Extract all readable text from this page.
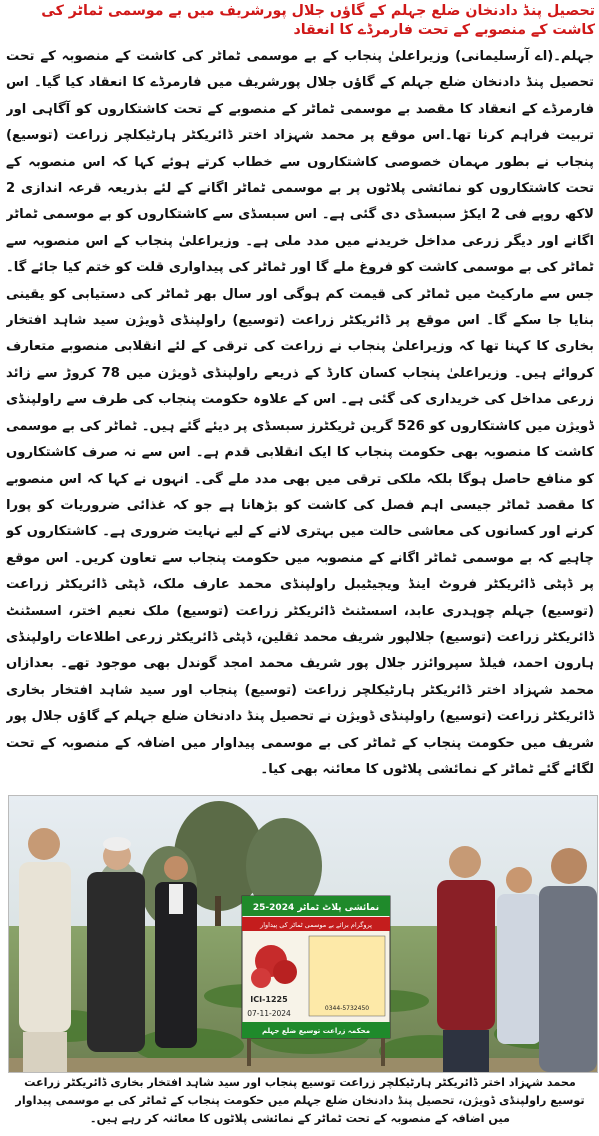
تحصیل پنڈ دادنخان ضلع جہلم کے گاؤں جلال پورشریف میں بے موسمی ٹماٹر کی کاشت کے منصوبے کے تحت فارمرڈے کا انعقاد
جہلم۔(اے آرسلیمانی) وزیراعلیٰ پنجاب کے بے موسمی ٹماٹر کی کاشت کے منصوبہ کے تحت تحصیل پنڈ دادنخان ضلع جہلم کے گاؤں جلال پورشریف میں فارمرڈے کا انعقاد کیا گیا۔ اس فارمرڈے کے انعقاد کا مقصد بے موسمی ٹماٹر کے منصوبے کے تحت کاشتکاروں کو آگاہی اور تربیت فراہم کرنا تھا۔اس موقع پر محمد شہزاد اختر ڈائریکٹر ہارٹیکلچر زراعت (توسیع) پنجاب نے بطور مہمان خصوصی کاشتکاروں سے خطاب کرتے ہوئے کہا کہ اس منصوبہ کے تحت کاشتکاروں کو نمائشی پلاٹوں پر بے موسمی ٹماٹر اگانے کے لئے بذریعہ قرعہ اندازی 2 لاکھ روپے فی 2 ایکڑ سبسڈی دی گئی ہے۔ اس سبسڈی سے کاشتکاروں کو بے موسمی ٹماٹر اگانے اور دیگر زرعی مداخل خریدنے میں مدد ملی ہے۔ وزیراعلیٰ پنجاب کے اس منصوبہ سے ٹماٹر کی بے موسمی کاشت کو فروغ ملے گا اور ٹماٹر کی پیداواری قلت کو ختم کیا جائے گا۔ جس سے مارکیٹ میں ٹماٹر کی قیمت کم ہوگی اور سال بھر ٹماٹر کی دستیابی کو یقینی بنایا جا سکے گا۔ اس موقع پر ڈائریکٹر زراعت (توسیع) راولپنڈی ڈویژن سید شاہد افتخار بخاری کا کہنا تھا کہ وزیراعلیٰ پنجاب نے زراعت کی ترقی کے لئے انقلابی منصوبے متعارف کروائے ہیں۔ وزیراعلیٰ پنجاب کسان کارڈ کے ذریعے راولپنڈی ڈویژن میں 78 کروڑ سے زائد زرعی مداخل کی خریداری کی گئی ہے۔ اس کے علاوہ حکومت پنجاب کی طرف سے راولپنڈی ڈویژن میں کاشتکاروں کو 526 گرین ٹریکٹرز سبسڈی پر دیئے گئے ہیں۔ ٹماٹر کی بے موسمی کاشت کا منصوبہ بھی حکومت پنجاب کا ایک انقلابی قدم ہے۔ اس سے نہ صرف کاشتکاروں کو منافع حاصل ہوگا بلکہ ملکی ترقی میں بھی مدد ملے گی۔ انہوں نے کہا کہ اس منصوبے کا مقصد ٹماٹر جیسی اہم فصل کی کاشت کو بڑھانا ہے جو کہ غذائی ضروریات کو پورا کرنے اور کسانوں کی معاشی حالت میں بہتری لانے کے لیے نہایت ضروری ہے۔ کاشتکاروں کو چاہیے کہ بے موسمی ٹماٹر اگانے کے منصوبہ میں حکومت پنجاب سے تعاون کریں۔ اس موقع پر ڈپٹی ڈائریکٹر فروٹ اینڈ ویجیٹیبل راولپنڈی محمد عارف ملک، ڈپٹی ڈائریکٹر زراعت (توسیع) جہلم چوہدری عابد، اسسٹنٹ ڈائریکٹر زراعت (توسیع) ملک نعیم اختر، اسسٹنٹ ڈائریکٹر زراعت (توسیع) جلالپور شریف محمد ثقلین، ڈپٹی ڈائریکٹر زرعی اطلاعات راولپنڈی ہارون احمد، فیلڈ سپروائزر جلال پور شریف محمد امجد گوندل بھی موجود تھے۔ بعدازاں محمد شہزاد اختر ڈائریکٹر ہارٹیکلچر زراعت (توسیع) پنجاب اور سید شاہد افتخار بخاری ڈائریکٹر زراعت (توسیع) راولپنڈی ڈویژن نے تحصیل پنڈ دادنخان ضلع جہلم کے گاؤں جلال پور شریف میں حکومت پنجاب کے ٹماٹر کی بے موسمی پیداوار میں اضافہ کے منصوبہ کے تحت لگائے گئے ٹماٹر کے نمائشی پلاٹوں کا معائنہ بھی کیا۔
نمائشی پلاٹ ٹماٹر 2024-25
پروگرام برائے بے موسمی ٹماٹر کی پیداوار
ICI-1225
07-11-2024
0344-5732450
محکمہ زراعت توسیع ضلع جہلم
محمد شہزاد اختر ڈائریکٹر ہارٹیکلچر زراعت توسیع پنجاب اور سید شاہد افتخار بخاری ڈائریکٹر زراعت توسیع راولپنڈی ڈویژن، تحصیل پنڈ دادنخان ضلع جہلم میں حکومت پنجاب کے ٹماٹر کی بے موسمی پیداوار میں اضافہ کے منصوبہ کے تحت ٹماٹر کے نمائشی پلاٹوں کا معائنہ کر رہے ہیں۔
